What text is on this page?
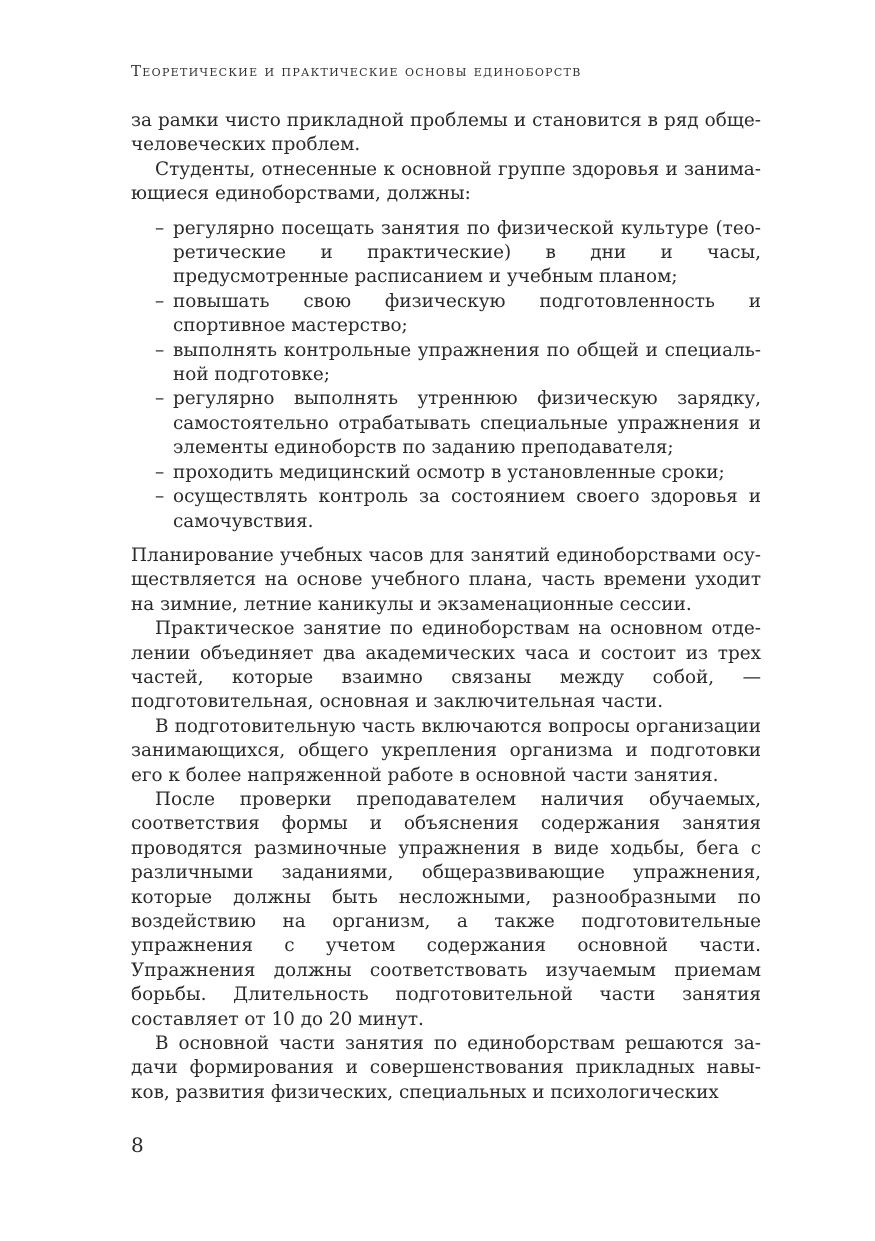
Теоретические и практические основы единоборств

за рамки чисто прикладной проблемы и становится в ряд общечеловеческих проблем.

Студенты, отнесенные к основной группе здоровья и занимающиеся единоборствами, должны:

– регулярно посещать занятия по физической культуре (теоретические и практические) в дни и часы, предусмотренные расписанием и учебным планом;
– повышать свою физическую подготовленность и спортивное мастерство;
– выполнять контрольные упражнения по общей и специальной подготовке;
– регулярно выполнять утреннюю физическую зарядку, самостоятельно отрабатывать специальные упражнения и элементы единоборств по заданию преподавателя;
– проходить медицинский осмотр в установленные сроки;
– осуществлять контроль за состоянием своего здоровья и самочувствия.

Планирование учебных часов для занятий единоборствами осуществляется на основе учебного плана, часть времени уходит на зимние, летние каникулы и экзаменационные сессии.

Практическое занятие по единоборствам на основном отделении объединяет два академических часа и состоит из трех частей, которые взаимно связаны между собой, — подготовительная, основная и заключительная части.

В подготовительную часть включаются вопросы организации занимающихся, общего укрепления организма и подготовки его к более напряженной работе в основной части занятия.

После проверки преподавателем наличия обучаемых, соответствия формы и объяснения содержания занятия проводятся разминочные упражнения в виде ходьбы, бега с различными заданиями, общеразвивающие упражнения, которые должны быть несложными, разнообразными по воздействию на организм, а также подготовительные упражнения с учетом содержания основной части. Упражнения должны соответствовать изучаемым приемам борьбы. Длительность подготовительной части занятия составляет от 10 до 20 минут.

В основной части занятия по единоборствам решаются задачи формирования и совершенствования прикладных навыков, развития физических, специальных и психологических

8
